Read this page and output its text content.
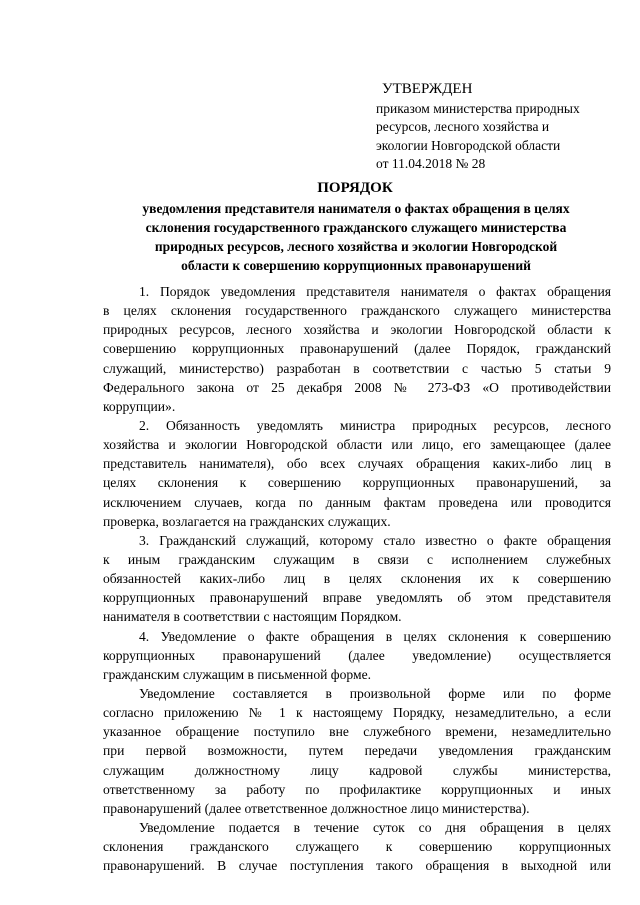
УТВЕРЖДЕН
приказом министерства природных
ресурсов, лесного хозяйства и
экологии Новгородской области
от 11.04.2018 № 28
ПОРЯДОК
уведомления представителя нанимателя о фактах обращения в целях
склонения государственного гражданского служащего министерства
природных ресурсов, лесного хозяйства и экологии Новгородской
области к совершению коррупционных правонарушений
1. Порядок уведомления представителя нанимателя о фактах обращения
в целях склонения государственного гражданского служащего министерства
природных ресурсов, лесного хозяйства и экологии Новгородской области к
совершению коррупционных правонарушений (далее Порядок, гражданский
служащий, министерство) разработан в соответствии с частью 5 статьи 9
Федерального закона от 25 декабря 2008 № 273-ФЗ «О противодействии
коррупции».
2. Обязанность уведомлять министра природных ресурсов, лесного
хозяйства и экологии Новгородской области или лицо, его замещающее (далее
представитель нанимателя), обо всех случаях обращения каких-либо лиц в
целях склонения к совершению коррупционных правонарушений, за
исключением случаев, когда по данным фактам проведена или проводится
проверка, возлагается на гражданских служащих.
3. Гражданский служащий, которому стало известно о факте обращения
к иным гражданским служащим в связи с исполнением служебных
обязанностей каких-либо лиц в целях склонения их к совершению
коррупционных правонарушений вправе уведомлять об этом представителя
нанимателя в соответствии с настоящим Порядком.
4. Уведомление о факте обращения в целях склонения к совершению
коррупционных правонарушений (далее уведомление) осуществляется
гражданским служащим в письменной форме.
Уведомление составляется в произвольной форме или по форме
согласно приложению № 1 к настоящему Порядку, незамедлительно, а если
указанное обращение поступило вне служебного времени, незамедлительно
при первой возможности, путем передачи уведомления гражданским
служащим должностному лицу кадровой службы министерства,
ответственному за работу по профилактике коррупционных и иных
правонарушений (далее ответственное должностное лицо министерства).
Уведомление подается в течение суток со дня обращения в целях
склонения гражданского служащего к совершению коррупционных
правонарушений. В случае поступления такого обращения в выходной или
